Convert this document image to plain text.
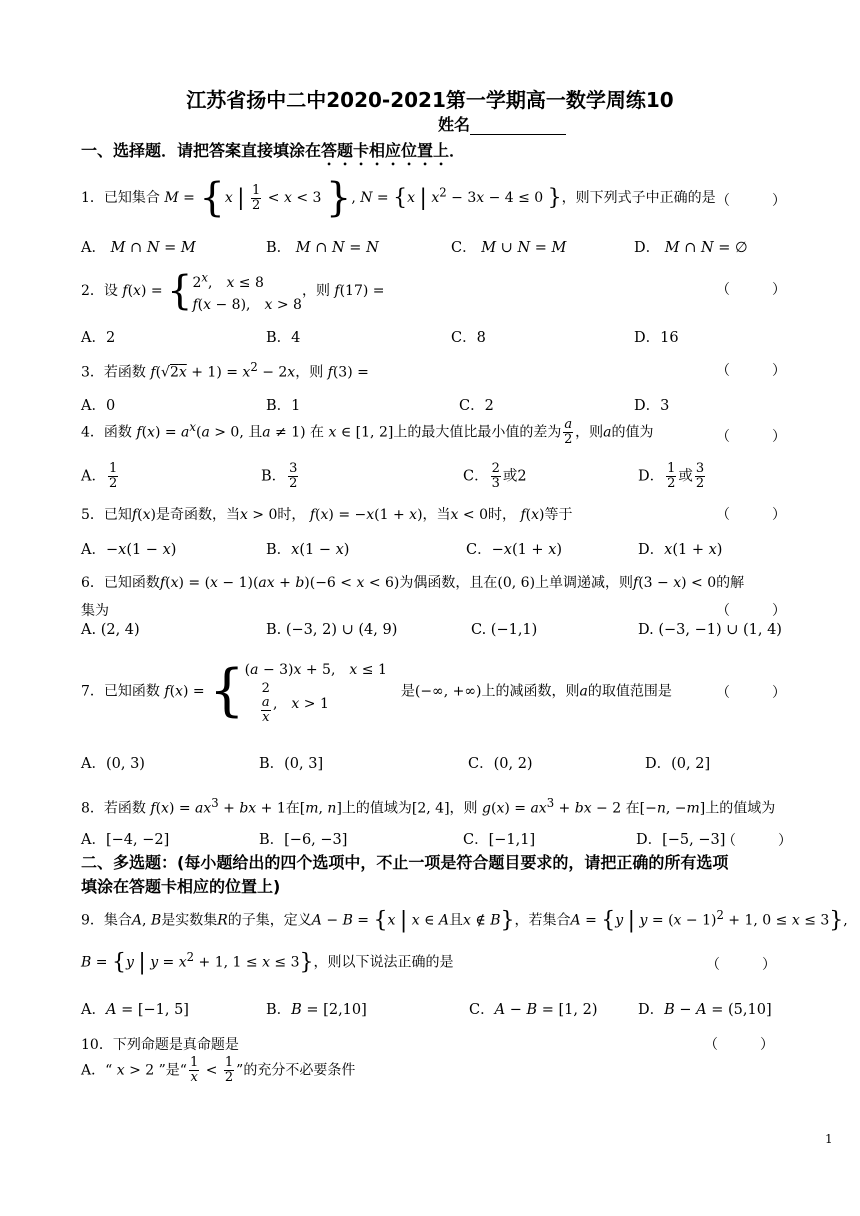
江苏省扬中二中2020-2021第一学期高一数学周练10
姓名
一、选择题．请把答案直接填涂在答题卡相应位置上．
1．已知集合 M = {x | $\frac{1}{2} < x < 3$ }, N = {x | $x^2 - 3x - 4 \le 0$ }，则下列式子中正确的是 （　　　）
A． M ∩ N = M	B． M ∩ N = N	C． M ∪ N = M	D． M ∩ N = ∅
2．设 $f(x) = \{2^x$,　x ≤ 8
f(x − 8),　x > 8，则 f(17) =	（　　　）
A．2	B．4	C．8	D．16
3．若函数 $f(√2x + 1) = x^2 - 2x$，则 f(3) =	（　　　）
A．0	B．1	C．2	D．3
4．函数 $f(x) = a^x(a > 0$, 且a ≠ 1) 在 x ∈ [1, 2]上的最大值比最小值的差为 $\frac{a}{2}$ ，则a的值为	（　　　）
A． $\frac{1}{2}$	B． $\frac{3}{2}$	C． $\frac{2}{3}$ 或2	D． $\frac{1}{2}$ 或 $\frac{3}{2}$
5．已知f(x)是奇函数，当x > 0时， f(x) = −x(1 + x)，当x < 0时， f(x)等于	（　　　）
A．−x(1 − x)	B．x(1 − x)	C．−x(1 + x)	D．x(1 + x)
6．已知函数f(x) = (x − 1)(ax + b)(−6 < x < 6)为偶函数，且在(0, 6)上单调递减，则f(3 − x) < 0的解
集为	（　　　）
A. (2, 4)	B. (−3, 2) ∪ (4, 9)	C. (−1,1)	D. (−3, −1) ∪ (1, 4)
7．已知函数 f(x) = {(a − 3)x + 5,　x ≤ 1

2
a
x ,　x > 1　是(−∞, +∞)上的减函数，则a的取值范围是	（　　　）
A．(0, 3)	B．(0, 3]	C．(0, 2)	D．(0, 2]
8．若函数 $f(x) = ax^3$ + bx + 1在[m, n]上的值域为[2, 4]，则 $g(x) = ax^3$ + bx − 2 在[−n, −m]上的值域为
A．[−4, −2]	B．[−6, −3]	C．[−1,1]	D．[−5, −3]
（　　　）
二、多选题：(每小题给出的四个选项中，不止一项是符合题目要求的，请把正确的所有选项
填涂在答题卡相应的位置上)
9．集合A, B是实数集R的子集，定义A − B = {x | x ∈ A且x ∉ B}，若集合A = {y | $y = (x - 1)^2 + 1$, 0 ≤ x ≤ 3},
B = {y | $y = x^2 + 1$, 1 ≤ x ≤ 3}，则以下说法正确的是	（　　　）
A．A = [−1, 5]	B．B = [2,10]	C．A − B = [1, 2)	D．B − A = (5,10]
10．下列命题是真命题是	（　　　）
A．“ x > 2 ”是“ $\frac{1}{x} < \frac{1}{2}$ ”的充分不必要条件
1
